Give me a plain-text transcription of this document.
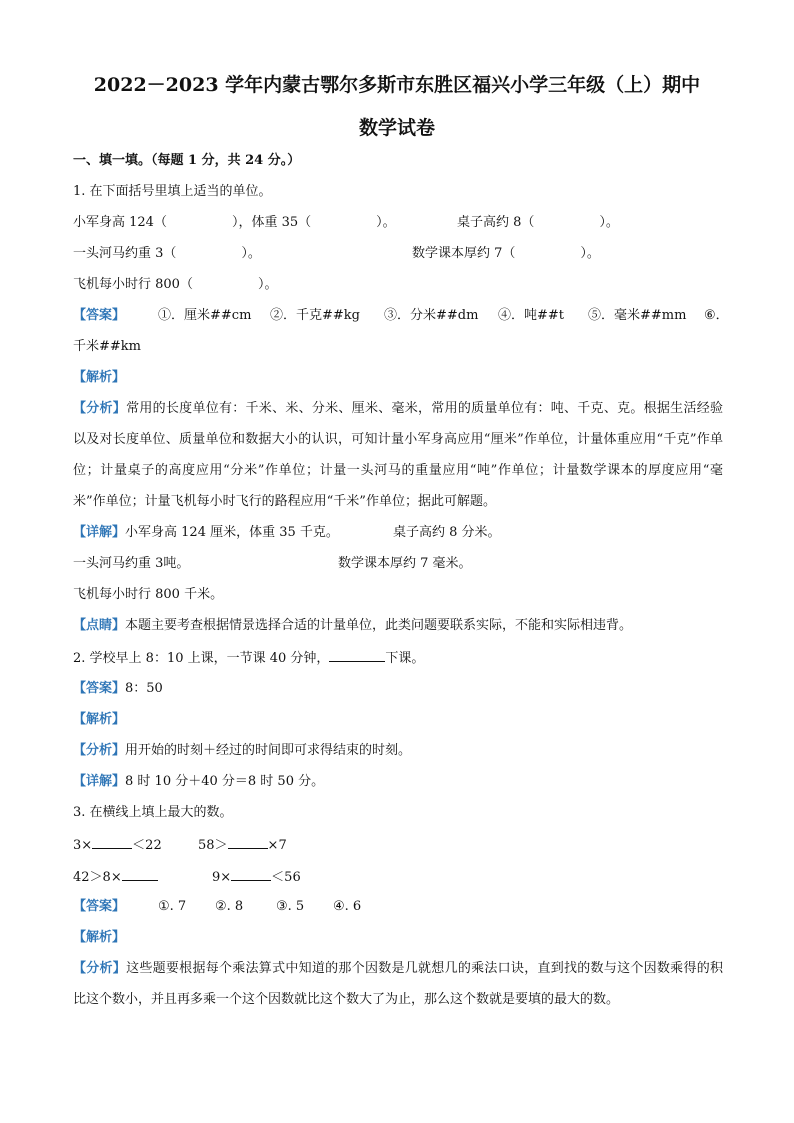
2022－2023 学年内蒙古鄂尔多斯市东胜区福兴小学三年级（上）期中
数学试卷
一、填一填。（每题 1 分，共 24 分。）
1. 在下面括号里填上适当的单位。
小军身高 124（　　　　　），体重 35（　　　　　）。	桌子高约 8（　　　　　）。
一头河马约重 3（　　　　　）。	数学课本厚约 7（　　　　　）。
飞机每小时行 800（　　　　　）。
【答案】	①．厘米##cm ②．千克##kg ③．分米##dm ④．吨##t ⑤．毫米##mm ⑥．
千米##km
【解析】
【分析】常用的长度单位有：千米、米、分米、厘米、毫米，常用的质量单位有：吨、千克、克。根据生活经验以及对长度单位、质量单位和数据大小的认识，可知计量小军身高应用“厘米”作单位，计量体重应用“千克”作单位；计量桌子的高度应用“分米”作单位；计量一头河马的重量应用“吨”作单位；计量数学课本的厚度应用“毫米”作单位；计量飞机每小时飞行的路程应用“千米”作单位；据此可解题。
【详解】小军身高 124 厘米，体重 35 千克。	桌子高约 8 分米。
一头河马约重 3吨。	数学课本厚约 7 毫米。
飞机每小时行 800 千米。
【点睛】本题主要考查根据情景选择合适的计量单位，此类问题要联系实际，不能和实际相违背。
2. 学校早上 8：10 上课，一节课 40 分钟，	下课。
【答案】8：50
【解析】
【分析】用开始的时刻＋经过的时间即可求得结束的时刻。
【详解】8 时 10 分＋40 分＝8 时 50 分。
3. 在横线上填上最大的数。
3×	＜22	58＞	×7
42＞8×	9×	＜56
【答案】	①. 7 ②. 8	③. 5 ④. 6
【解析】
【分析】这些题要根据每个乘法算式中知道的那个因数是几就想几的乘法口诀，直到找的数与这个因数乘得的积比这个数小，并且再多乘一个这个因数就比这个数大了为止，那么这个数就是要填的最大的数。
